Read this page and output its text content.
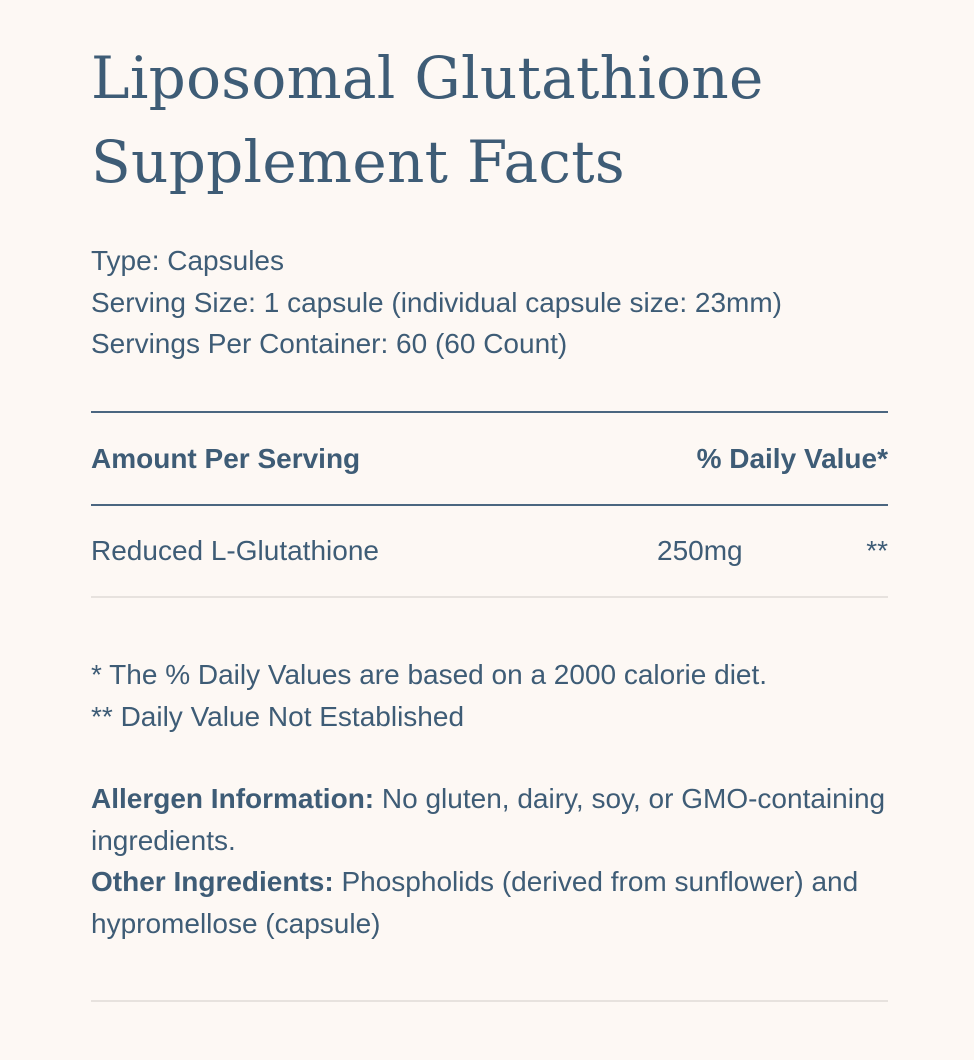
Liposomal Glutathione
Supplement Facts
Type: Capsules
Serving Size: 1 capsule (individual capsule size: 23mm)
Servings Per Container: 60 (60 Count)
Amount Per Serving	% Daily Value*
Reduced L-Glutathione	250mg	**
* The % Daily Values are based on a 2000 calorie diet.
** Daily Value Not Established

Allergen Information: No gluten, dairy, soy, or GMO-containing ingredients.

Other Ingredients: Phospholids (derived from sunflower) and hypromellose (capsule)
